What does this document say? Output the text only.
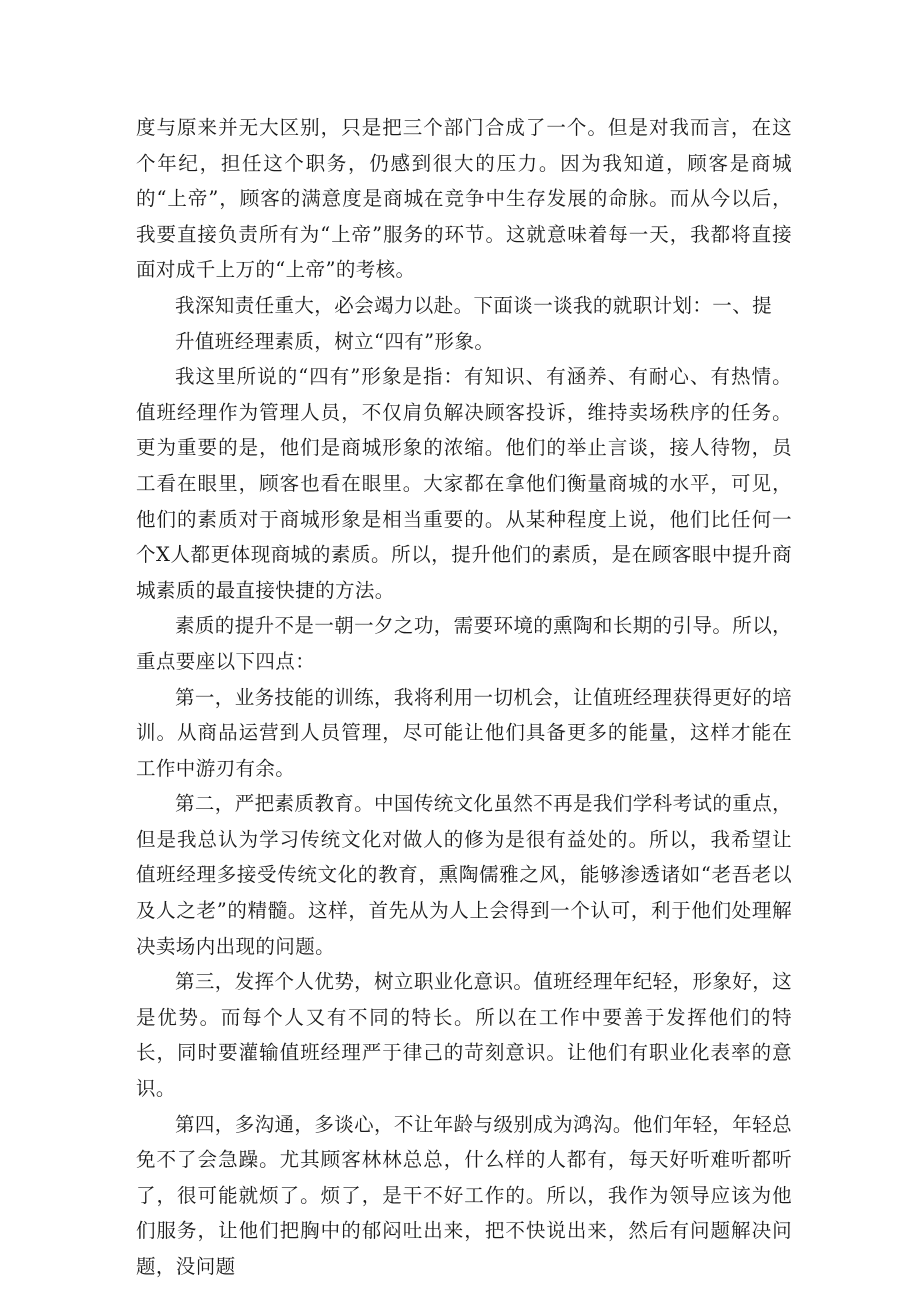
度与原来并无大区别，只是把三个部门合成了一个。但是对我而言，在这个年纪，担任这个职务，仍感到很大的压力。因为我知道，顾客是商城的“上帝”，顾客的满意度是商城在竞争中生存发展的命脉。而从今以后，我要直接负责所有为“上帝”服务的环节。这就意味着每一天，我都将直接面对成千上万的“上帝”的考核。

我深知责任重大，必会竭力以赴。下面谈一谈我的就职计划：一、提

升值班经理素质，树立“四有”形象。

我这里所说的“四有”形象是指：有知识、有涵养、有耐心、有热情。值班经理作为管理人员，不仅肩负解决顾客投诉，维持卖场秩序的任务。更为重要的是，他们是商城形象的浓缩。他们的举止言谈，接人待物，员工看在眼里，顾客也看在眼里。大家都在拿他们衡量商城的水平，可见，他们的素质对于商城形象是相当重要的。从某种程度上说，他们比任何一个X人都更体现商城的素质。所以，提升他们的素质，是在顾客眼中提升商城素质的最直接快捷的方法。

素质的提升不是一朝一夕之功，需要环境的熏陶和长期的引导。所以，重点要座以下四点：

第一，业务技能的训练，我将利用一切机会，让值班经理获得更好的培训。从商品运营到人员管理，尽可能让他们具备更多的能量，这样才能在工作中游刃有余。

第二，严把素质教育。中国传统文化虽然不再是我们学科考试的重点，但是我总认为学习传统文化对做人的修为是很有益处的。所以，我希望让值班经理多接受传统文化的教育，熏陶儒雅之风，能够渗透诸如“老吾老以及人之老”的精髓。这样，首先从为人上会得到一个认可，利于他们处理解决卖场内出现的问题。

第三，发挥个人优势，树立职业化意识。值班经理年纪轻，形象好，这是优势。而每个人又有不同的特长。所以在工作中要善于发挥他们的特长，同时要灌输值班经理严于律己的苛刻意识。让他们有职业化表率的意识。

第四，多沟通，多谈心，不让年龄与级别成为鸿沟。他们年轻，年轻总免不了会急躁。尤其顾客林林总总，什么样的人都有，每天好听难听都听了，很可能就烦了。烦了，是干不好工作的。所以，我作为领导应该为他们服务，让他们把胸中的郁闷吐出来，把不快说出来，然后有问题解决问题，没问题
